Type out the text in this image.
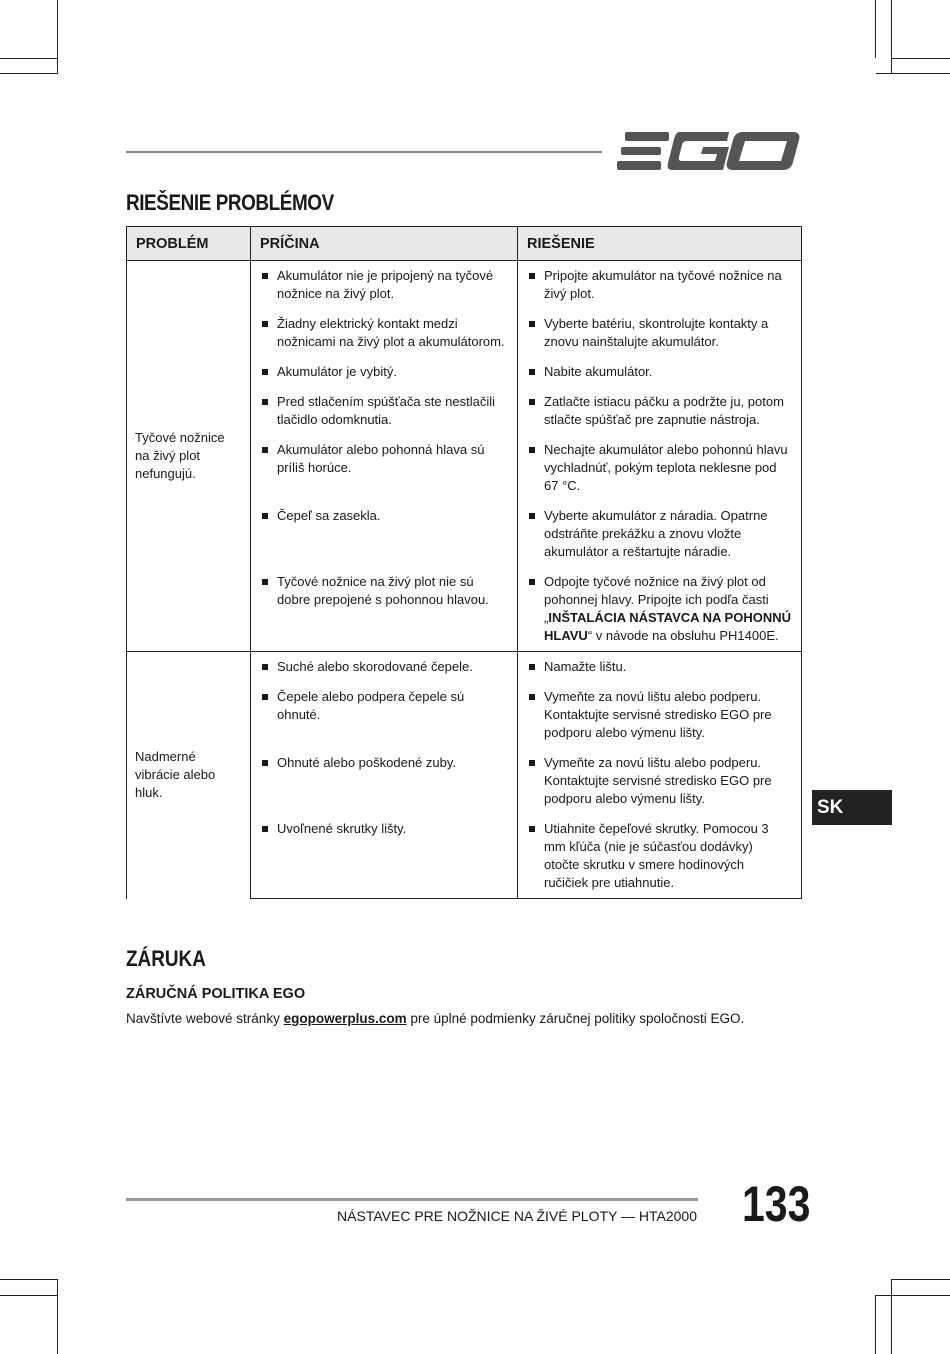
RIEŠENIE PROBLÉMOV
PROBLÉM	PRÍČINA	RIEŠENIE
Tyčové nožnice na živý plot nefungujú.	Akumulátor nie je pripojený na tyčové nožnice na živý plot.	Pripojte akumulátor na tyčové nožnice na živý plot.

	Žiadny elektrický kontakt medzi nožnicami na živý plot a akumulátorom.	Vyberte batériu, skontrolujte kontakty a znovu nainštalujte akumulátor.

	Akumulátor je vybitý.	Nabite akumulátor.

	Pred stlačením spúšťača ste nestlačili tlačidlo odomknutia.	Zatlačte istiacu páčku a podržte ju, potom stlačte spúšťač pre zapnutie nástroja.

	Akumulátor alebo pohonná hlava sú príliš horúce.	Nechajte akumulátor alebo pohonnú hlavu vychladnúť, pokým teplota neklesne pod 67 °C.

	Čepeľ sa zasekla.	Vyberte akumulátor z náradia. Opatrne odstráňte prekážku a znovu vložte akumulátor a reštartujte náradie.

	Tyčové nožnice na živý plot nie sú dobre prepojené s pohonnou hlavou.	Odpojte tyčové nožnice na živý plot od pohonnej hlavy. Pripojte ich podľa časti „INŠTALÁCIA NÁSTAVCA NA POHONNÚ HLAVU“ v návode na obsluhu PH1400E.

Nadmerné vibrácie alebo hluk.	Suché alebo skorodované čepele.	Namažte lištu.

	Čepele alebo podpera čepele sú ohnuté.	Vymeňte za novú lištu alebo podperu. Kontaktujte servisné stredisko EGO pre podporu alebo výmenu lišty.

	Ohnuté alebo poškodené zuby.	Vymeňte za novú lištu alebo podperu. Kontaktujte servisné stredisko EGO pre podporu alebo výmenu lišty.

	Uvoľnené skrutky lišty.	Utiahnite čepeľové skrutky. Pomocou 3 mm kľúča (nie je súčasťou dodávky) otočte skrutku v smere hodinových ručičiek pre utiahnutie.
SK
ZÁRUKA
ZÁRUČNÁ POLITIKA EGO
Navštívte webové stránky egopowerplus.com pre úplné podmienky záručnej politiky spoločnosti EGO.
NÁSTAVEC PRE NOŽNICE NA ŽIVÉ PLOTY — HTA2000 133
